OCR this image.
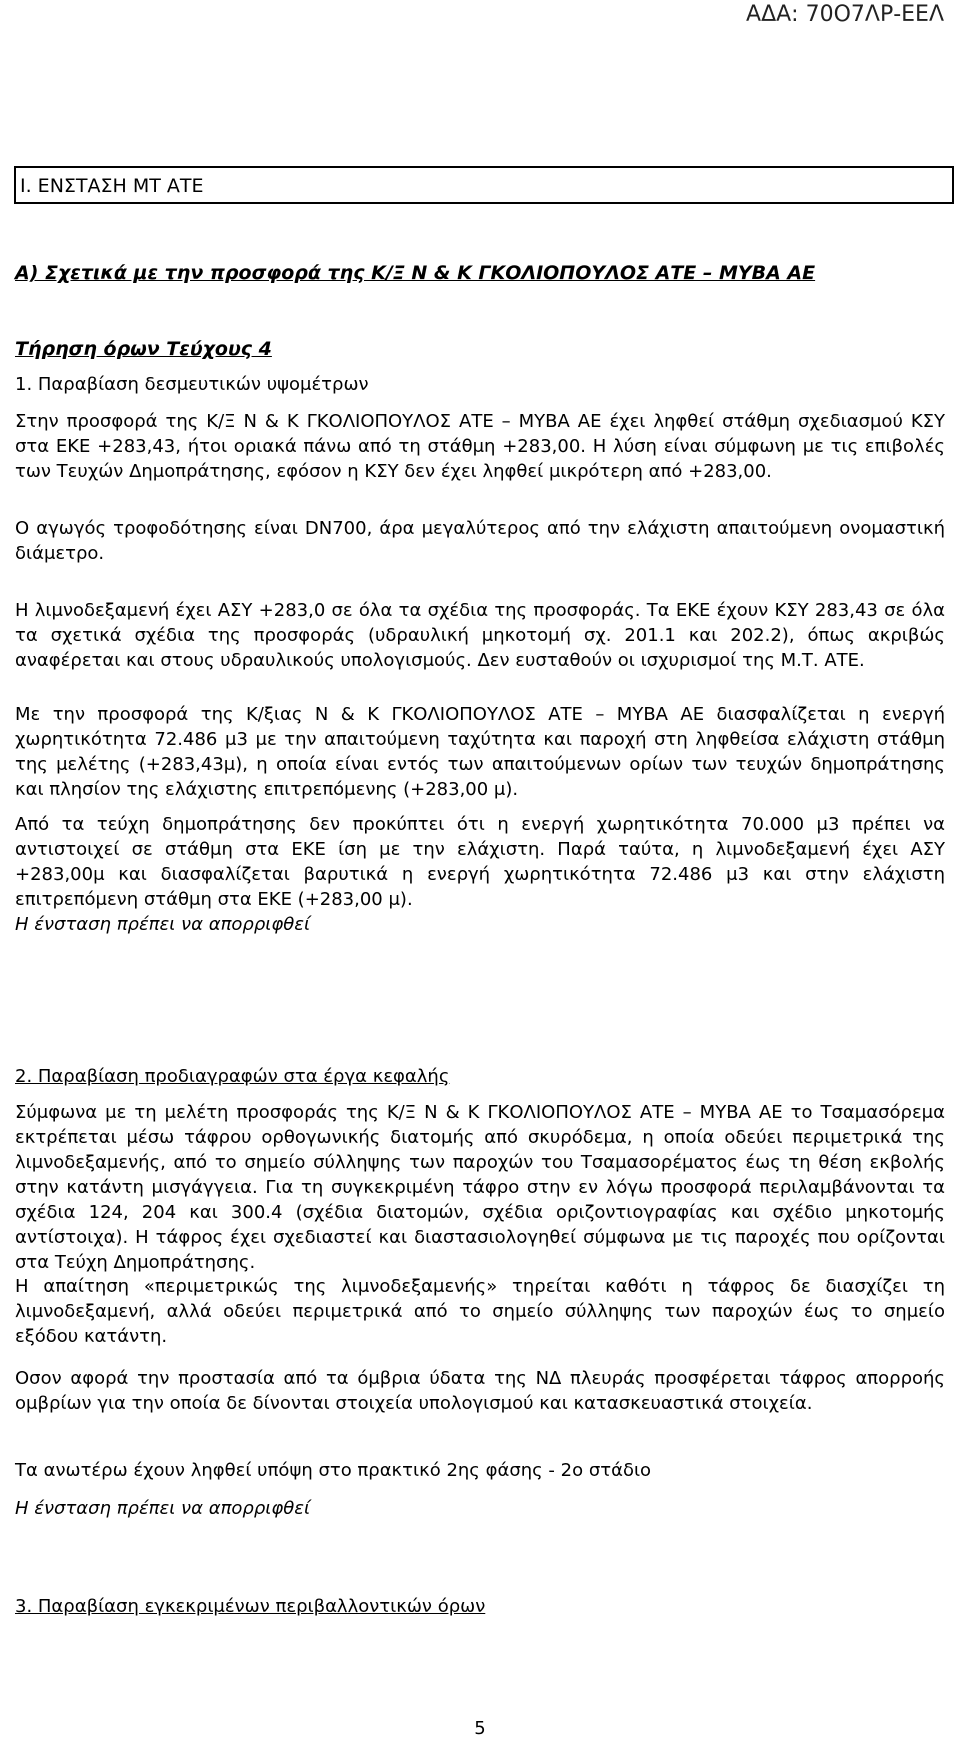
ΑΔΑ: 70Ο7ΛΡ-ΕΕΛ
I. ΕΝΣΤΑΣΗ ΜΤ ΑΤΕ
Α) Σχετικά με την προσφορά της Κ/Ξ Ν & Κ ΓΚΟΛΙΟΠΟΥΛΟΣ ΑΤΕ – ΜΥΒΑ ΑΕ
Τήρηση όρων Τεύχους 4
1. Παραβίαση δεσμευτικών υψομέτρων

Στην προσφορά της Κ/Ξ Ν & Κ ΓΚΟΛΙΟΠΟΥΛΟΣ ΑΤΕ – ΜΥΒΑ ΑΕ έχει ληφθεί στάθμη σχεδιασμού ΚΣΥ στα ΕΚΕ +283,43, ήτοι οριακά πάνω από τη στάθμη +283,00. Η λύση είναι σύμφωνη με τις επιβολές των Τευχών Δημοπράτησης, εφόσον η ΚΣΥ δεν έχει ληφθεί μικρότερη από +283,00.

Ο αγωγός τροφοδότησης είναι DN700, άρα μεγαλύτερος από την ελάχιστη απαιτούμενη ονομαστική διάμετρο.

Η λιμνοδεξαμενή έχει ΑΣΥ +283,0 σε όλα τα σχέδια της προσφοράς. Τα ΕΚΕ έχουν ΚΣΥ 283,43 σε όλα τα σχετικά σχέδια της προσφοράς (υδραυλική μηκοτομή σχ. 201.1 και 202.2), όπως ακριβώς αναφέρεται και στους υδραυλικούς υπολογισμούς. Δεν ευσταθούν οι ισχυρισμοί της Μ.Τ. ΑΤΕ.

Με την προσφορά της Κ/ξιας Ν & Κ ΓΚΟΛΙΟΠΟΥΛΟΣ ΑΤΕ – ΜΥΒΑ ΑΕ διασφαλίζεται η ενεργή χωρητικότητα 72.486 μ3 με την απαιτούμενη ταχύτητα και παροχή στη ληφθείσα ελάχιστη στάθμη της μελέτης (+283,43μ), η οποία είναι εντός των απαιτούμενων ορίων των τευχών δημοπράτησης και πλησίον της ελάχιστης επιτρεπόμενης (+283,00 μ).

Από τα τεύχη δημοπράτησης δεν προκύπτει ότι η ενεργή χωρητικότητα 70.000 μ3 πρέπει να αντιστοιχεί σε στάθμη στα ΕΚΕ ίση με την ελάχιστη. Παρά ταύτα, η λιμνοδεξαμενή έχει ΑΣΥ +283,00μ και διασφαλίζεται βαρυτικά η ενεργή χωρητικότητα 72.486 μ3 και στην ελάχιστη επιτρεπόμενη στάθμη στα ΕΚΕ (+283,00 μ).

Η ένσταση πρέπει να απορριφθεί
2. Παραβίαση προδιαγραφών στα έργα κεφαλής

Σύμφωνα με τη μελέτη προσφοράς της Κ/Ξ Ν & Κ ΓΚΟΛΙΟΠΟΥΛΟΣ ΑΤΕ – ΜΥΒΑ ΑΕ το Τσαμασόρεμα εκτρέπεται μέσω τάφρου ορθογωνικής διατομής από σκυρόδεμα, η οποία οδεύει περιμετρικά της λιμνοδεξαμενής, από το σημείο σύλληψης των παροχών του Τσαμασορέματος έως τη θέση εκβολής στην κατάντη μισγάγγεια. Για τη συγκεκριμένη τάφρο στην εν λόγω προσφορά περιλαμβάνονται τα σχέδια 124, 204 και 300.4 (σχέδια διατομών, σχέδια οριζοντιογραφίας και σχέδιο μηκοτομής αντίστοιχα). Η τάφρος έχει σχεδιαστεί και διαστασιολογηθεί σύμφωνα με τις παροχές που ορίζονται στα Τεύχη Δημοπράτησης.

Η απαίτηση «περιμετρικώς της λιμνοδεξαμενής» τηρείται καθότι η τάφρος δε διασχίζει τη λιμνοδεξαμενή, αλλά οδεύει περιμετρικά από το σημείο σύλληψης των παροχών έως το σημείο εξόδου κατάντη.

Οσον αφορά την προστασία από τα όμβρια ύδατα της ΝΔ πλευράς προσφέρεται τάφρος απορροής ομβρίων για την οποία δε δίνονται στοιχεία υπολογισμού και κατασκευαστικά στοιχεία.

Τα ανωτέρω έχουν ληφθεί υπόψη στο πρακτικό 2ης φάσης - 2ο στάδιο
Η ένσταση πρέπει να απορριφθεί
3. Παραβίαση εγκεκριμένων περιβαλλοντικών όρων
5
